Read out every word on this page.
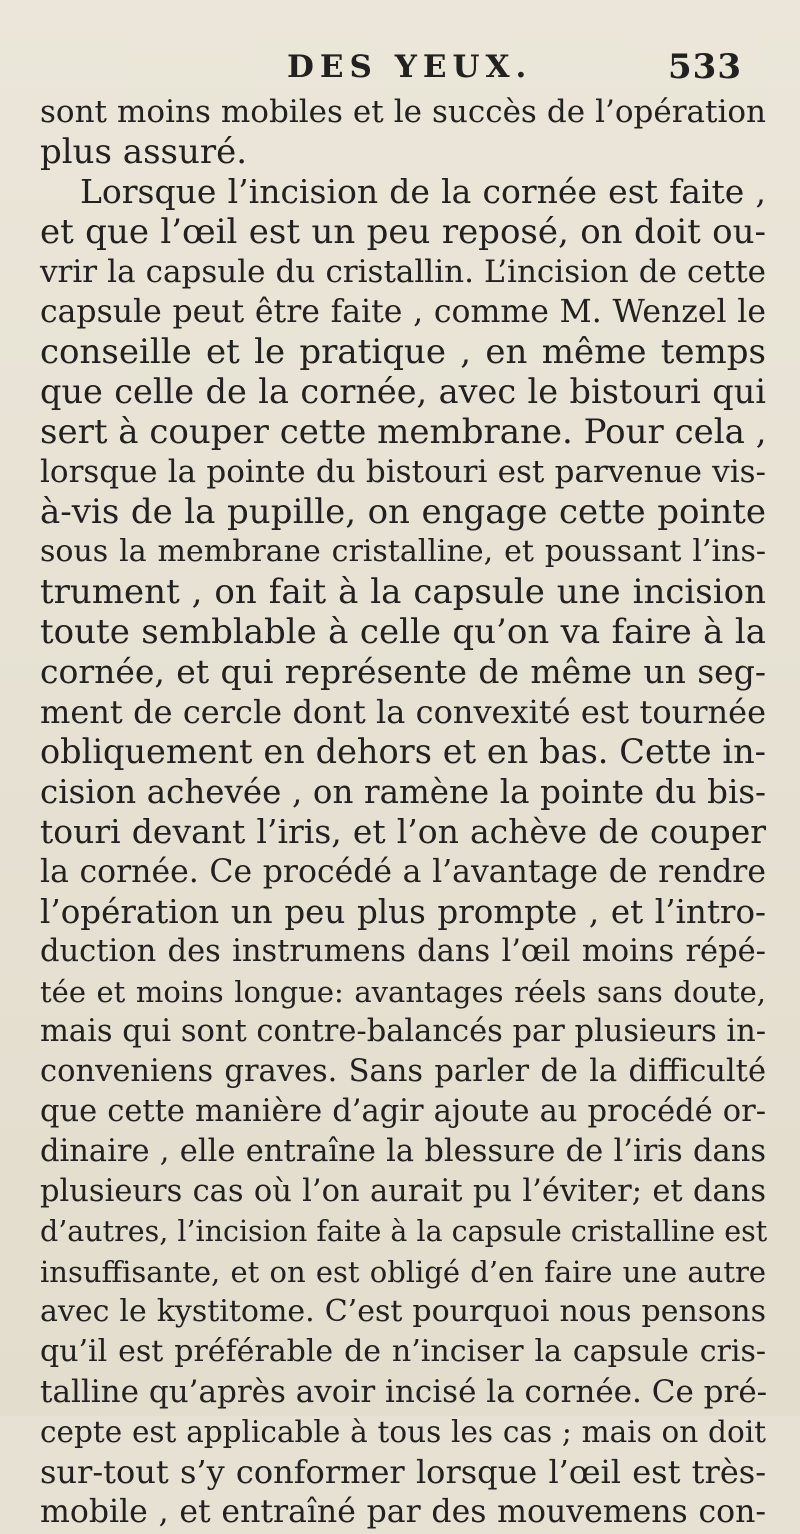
DES YEUX.	533
sont moins mobiles et le succès de l’opération
plus assuré.
Lorsque l’incision de la cornée est faite ,
et que l’œil est un peu reposé, on doit ou-
vrir la capsule du cristallin. L’incision de cette
capsule peut être faite , comme M. Wenzel le
conseille et le pratique , en même temps
que celle de la cornée, avec le bistouri qui
sert à couper cette membrane. Pour cela ,
lorsque la pointe du bistouri est parvenue vis-
à-vis de la pupille, on engage cette pointe
sous la membrane cristalline, et poussant l’ins-
trument , on fait à la capsule une incision
toute semblable à celle qu’on va faire à la
cornée, et qui représente de même un seg-
ment de cercle dont la convexité est tournée
obliquement en dehors et en bas. Cette in-
cision achevée , on ramène la pointe du bis-
touri devant l’iris, et l’on achève de couper
la cornée. Ce procédé a l’avantage de rendre
l’opération un peu plus prompte , et l’intro-
duction des instrumens dans l’œil moins répé-
tée et moins longue: avantages réels sans doute,
mais qui sont contre-balancés par plusieurs in-
conveniens graves. Sans parler de la difficulté
que cette manière d’agir ajoute au procédé or-
dinaire , elle entraîne la blessure de l’iris dans
plusieurs cas où l’on aurait pu l’éviter; et dans
d’autres, l’incision faite à la capsule cristalline est
insuffisante, et on est obligé d’en faire une autre
avec le kystitome. C’est pourquoi nous pensons
qu’il est préférable de n’inciser la capsule cris-
talline qu’après avoir incisé la cornée. Ce pré-
cepte est applicable à tous les cas ; mais on doit
sur-tout s’y conformer lorsque l’œil est très-
mobile , et entraîné par des mouvemens con-
